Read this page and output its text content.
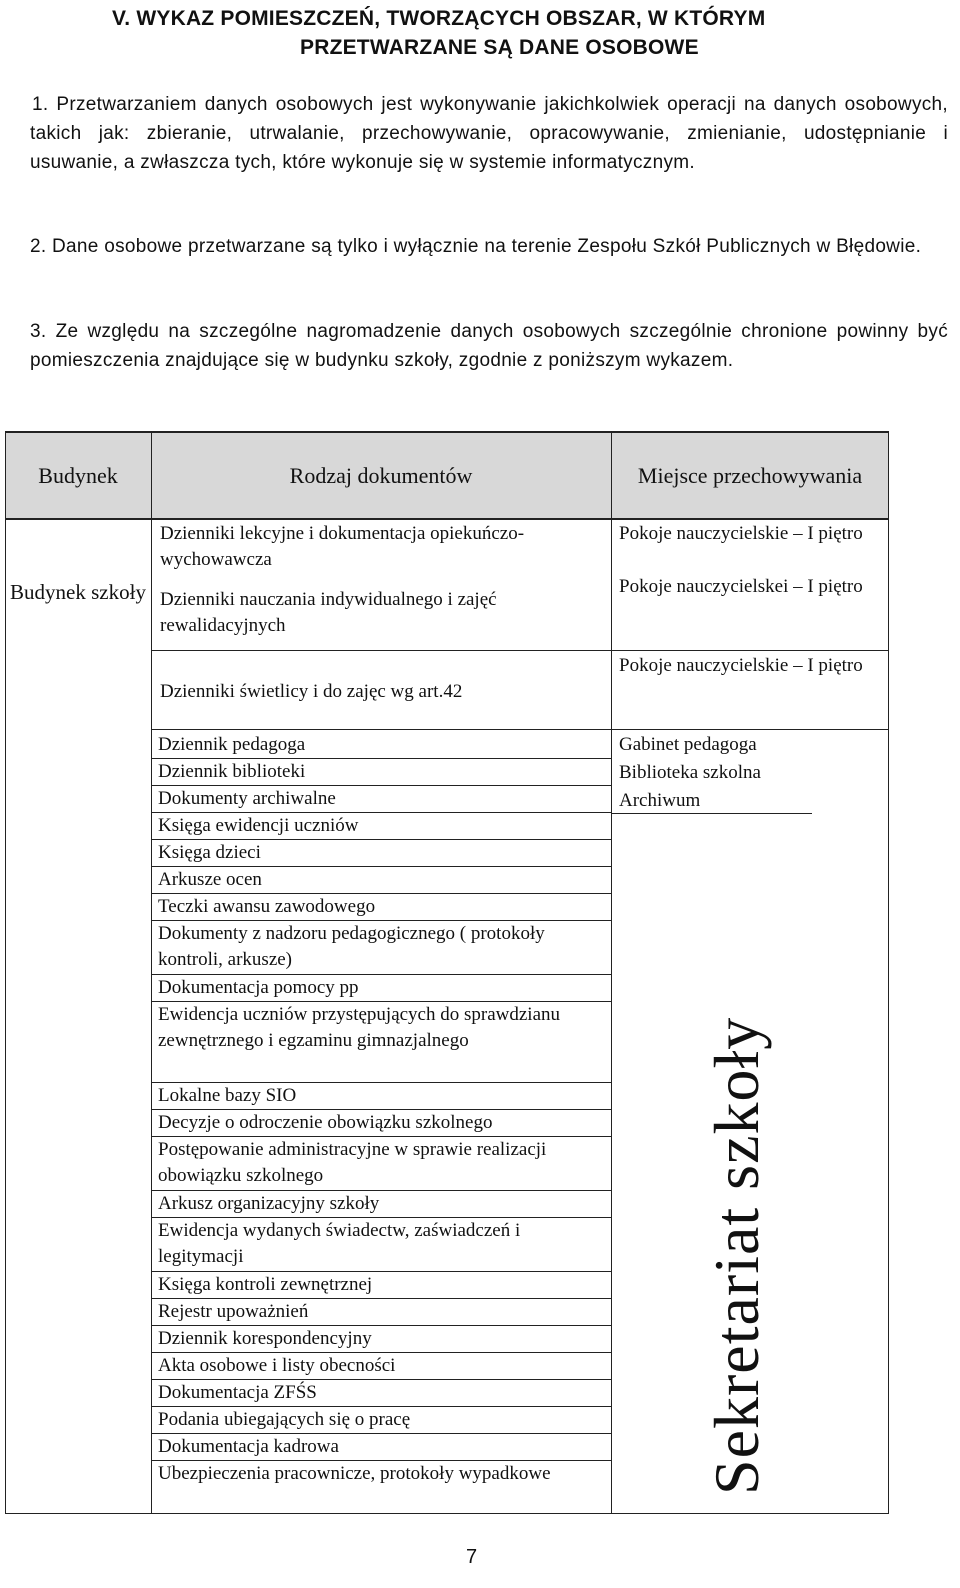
V. WYKAZ POMIESZCZEŃ, TWORZĄCYCH OBSZAR, W KTÓRYM
PRZETWARZANE SĄ DANE OSOBOWE
1. Przetwarzaniem danych osobowych jest wykonywanie jakichkolwiek operacji na danych osobowych, takich jak: zbieranie, utrwalanie, przechowywanie, opracowywanie, zmienianie, udostępnianie i usuwanie, a zwłaszcza tych, które wykonuje się w systemie informatycznym.
2. Dane osobowe przetwarzane są tylko i wyłącznie na terenie Zespołu Szkół Publicznych w Błędowie.
3. Ze względu na szczególne nagromadzenie danych osobowych szczególnie chronione powinny być pomieszczenia znajdujące się w budynku szkoły, zgodnie z poniższym wykazem.
Budynek	Rodzaj dokumentów	Miejsce przechowywania
Budynek szkoły
Dzienniki lekcyjne i dokumentacja opiekuńczo-wychowawcza
Dzienniki nauczania indywidualnego i zajęć rewalidacyjnych
Pokoje nauczycielskie – I piętro
Pokoje nauczycielskei – I piętro
Dzienniki świetlicy i do zajęc wg art.42
Pokoje nauczycielskie – I piętro
Dziennik pedagoga
Dziennik biblioteki
Dokumenty archiwalne
Księga ewidencji uczniów
Księga dzieci
Arkusze ocen
Teczki awansu zawodowego
Dokumenty z nadzoru pedagogicznego ( protokoły kontroli, arkusze)
Dokumentacja pomocy pp
Ewidencja uczniów przystępujących do sprawdzianu zewnętrznego i egzaminu gimnazjalnego
Lokalne bazy SIO
Decyzje o odroczenie obowiązku szkolnego
Postępowanie administracyjne w sprawie realizacji obowiązku szkolnego
Arkusz organizacyjny szkoły
Ewidencja wydanych świadectw, zaświadczeń i legitymacji
Księga kontroli zewnętrznej
Rejestr upoważnień
Dziennik korespondencyjny
Akta osobowe i listy obecności
Dokumentacja ZFŚS
Podania ubiegających się o pracę
Dokumentacja kadrowa
Ubezpieczenia pracownicze, protokoły wypadkowe
Gabinet pedagoga
Biblioteka szkolna
Archiwum
Sekretariat szkoły
7
